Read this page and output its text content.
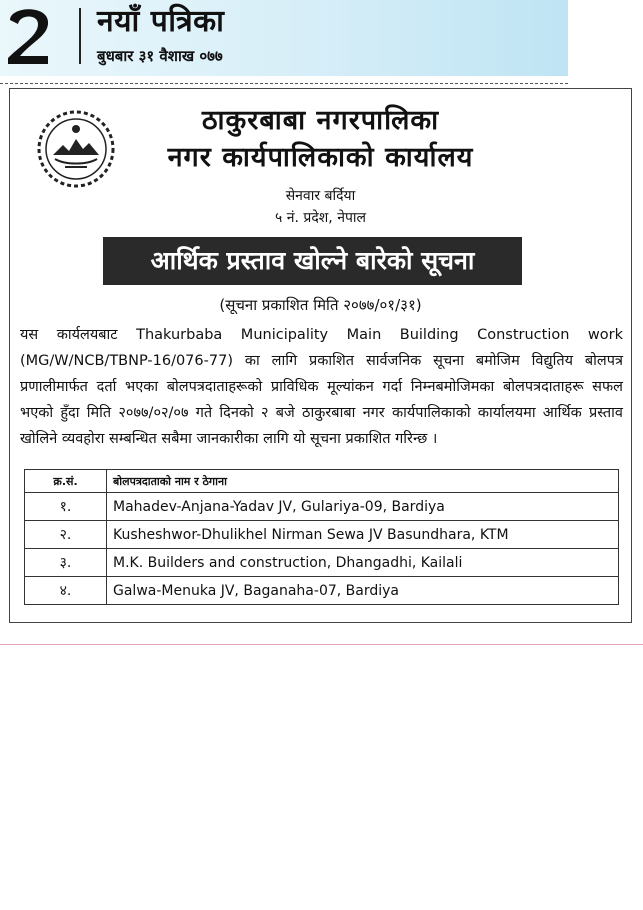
नयाँ पत्रिका
बुधबार ३१ वैशाख ०७७
ठाकुरबाबा नगरपालिका
नगर कार्यपालिकाको कार्यालय
सेनवार बर्दिया
५ नं. प्रदेश, नेपाल
आर्थिक प्रस्ताव खोल्ने बारेको सूचना
(सूचना प्रकाशित मिति २०७७/०१/३१)
यस कार्यलयबाट Thakurbaba Municipality Main Building Construction work (MG/W/NCB/TBNP-16/076-77) का लागि प्रकाशित सार्वजनिक सूचना बमोजिम विद्युतिय बोलपत्र प्रणालीमार्फत दर्ता भएका बोलपत्रदाताहरूको प्राविधिक मूल्यांकन गर्दा निम्नबमोजिमका बोलपत्रदाताहरू सफल भएको हुँदा मिति २०७७/०२/०७ गते दिनको २ बजे ठाकुरबाबा नगर कार्यपालिकाको कार्यालयमा आर्थिक प्रस्ताव खोलिने व्यवहोरा सम्बन्धित सबैमा जानकारीका लागि यो सूचना प्रकाशित गरिन्छ ।
क्र.सं.	बोलपत्रदाताको नाम र ठेगाना
१.	Mahadev-Anjana-Yadav JV, Gulariya-09, Bardiya
२.	Kusheshwor-Dhulikhel Nirman Sewa JV Basundhara, KTM
३.	M.K. Builders and construction, Dhangadhi, Kailali
४.	Galwa-Menuka JV, Baganaha-07, Bardiya
